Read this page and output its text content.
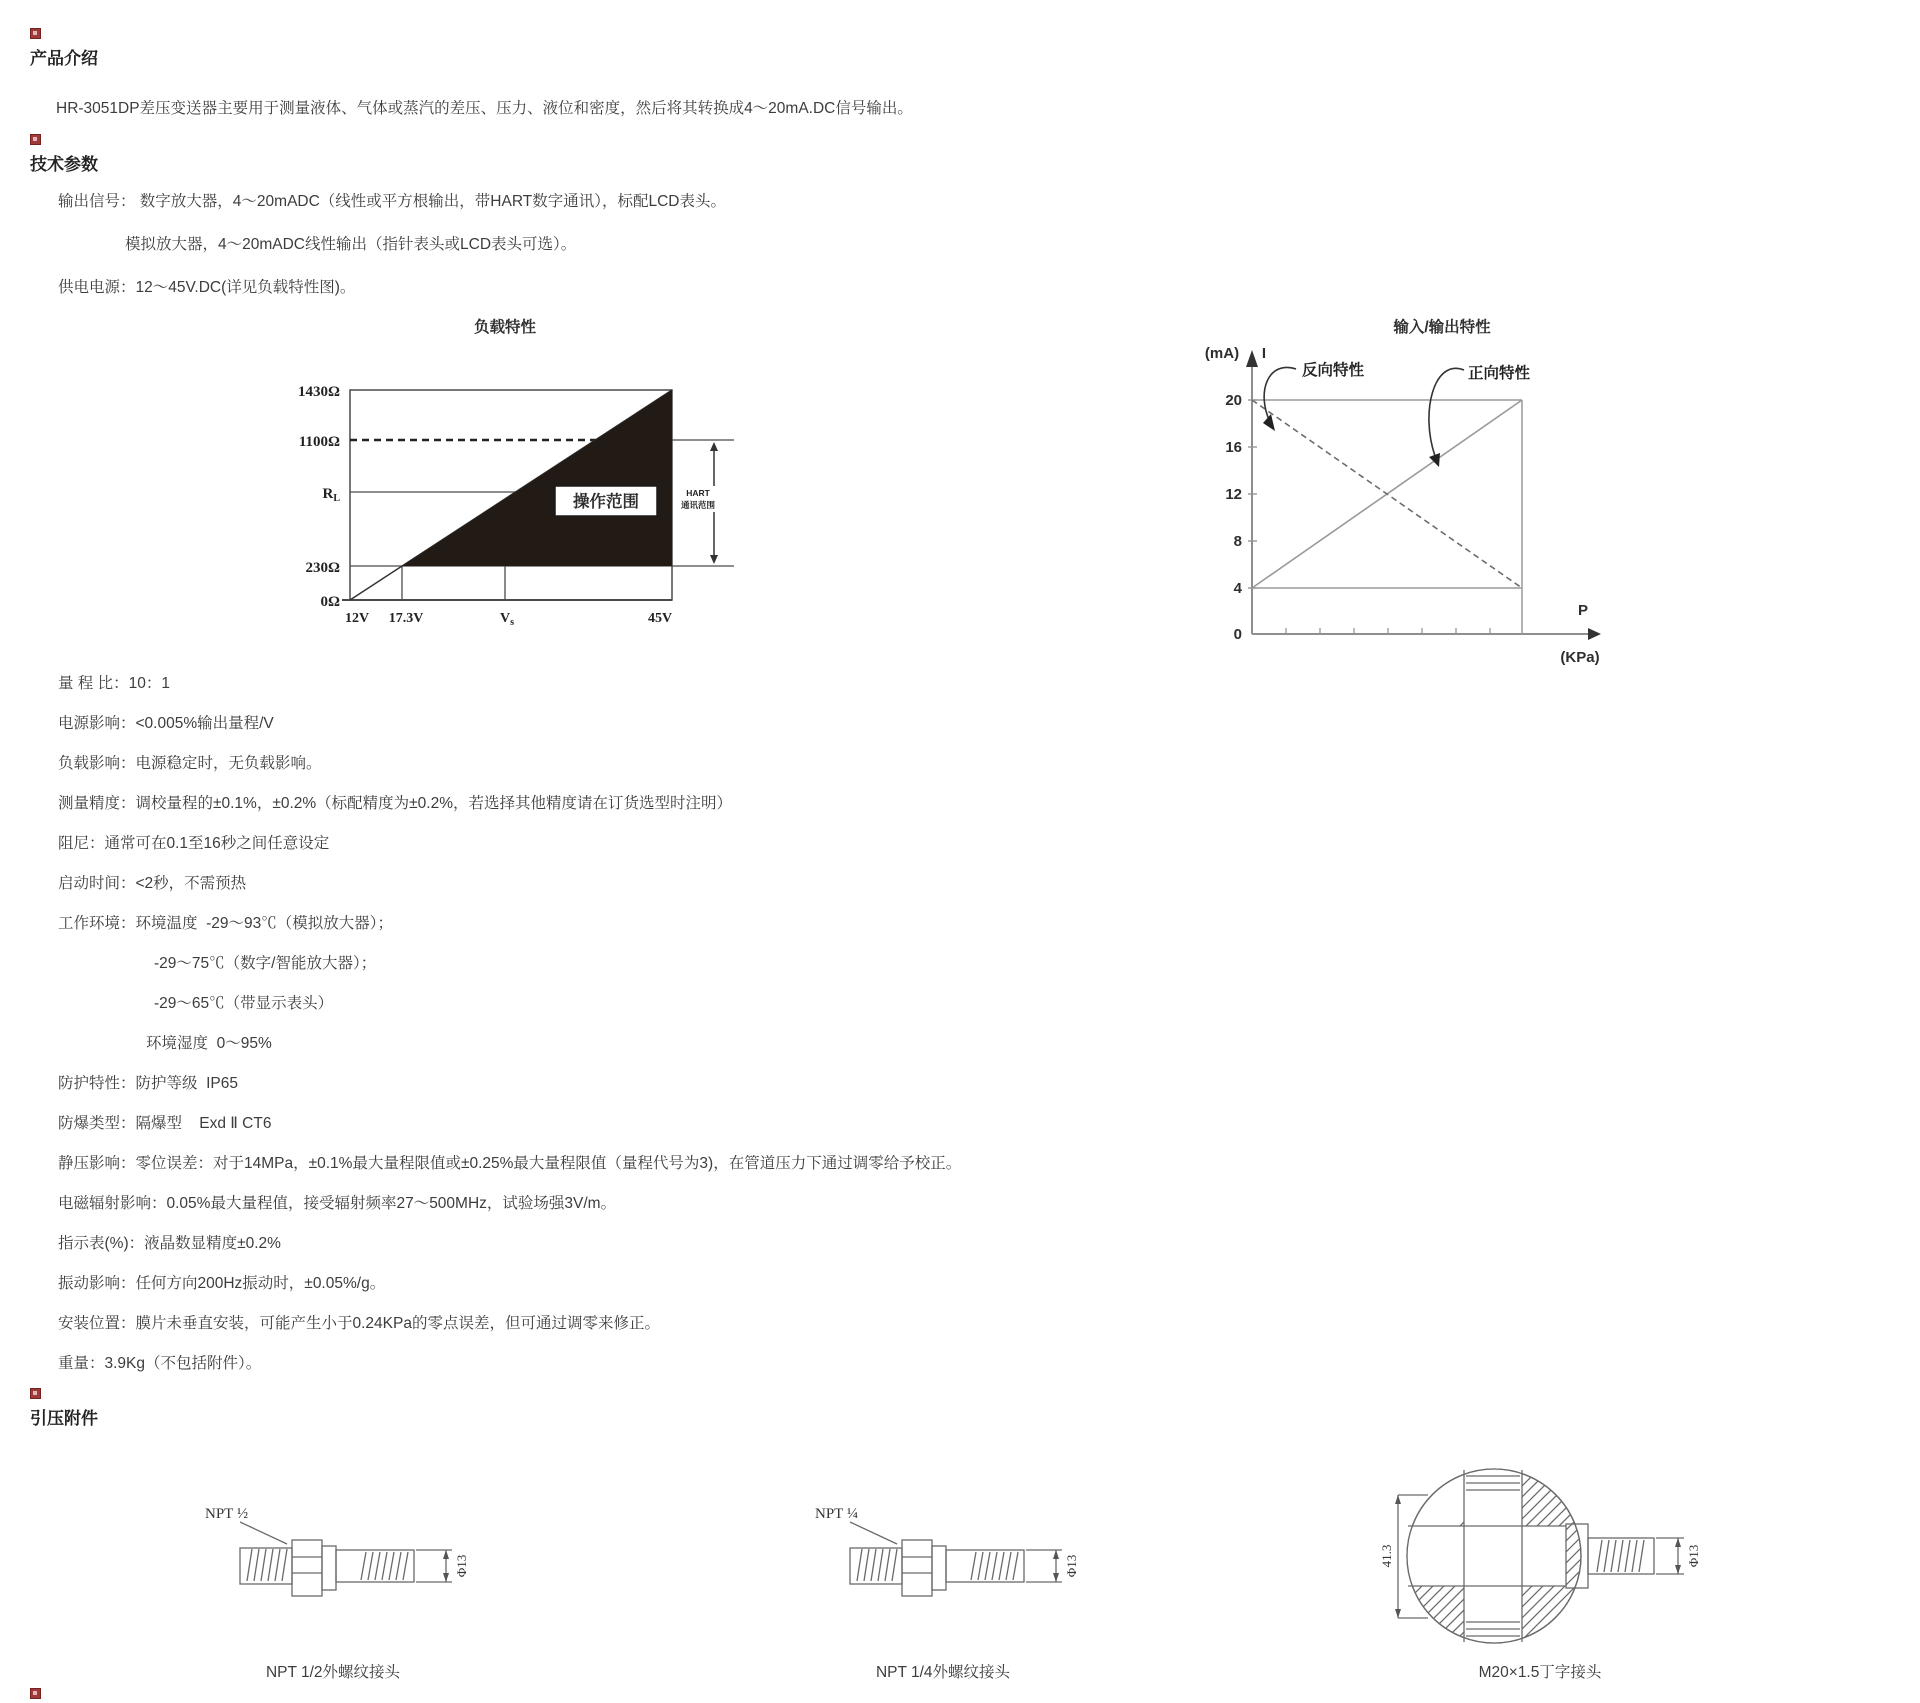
产品介绍
HR-3051DP差压变送器主要用于测量液体、气体或蒸汽的差压、压力、液位和密度，然后将其转换成4～20mA.DC信号输出。
技术参数
输出信号： 数字放大器，4～20mADC（线性或平方根输出，带HART数字通讯），标配LCD表头。
模拟放大器，4～20mADC线性输出（指针表头或LCD表头可选）。
供电电源：12～45V.DC(详见负载特性图)。
负载特性
操作范围	HART
通讯范围
1430Ω
1100Ω
$R_L$
230Ω
0Ω
12V 17.3V	$V_s$	45V
输入/输出特性
(mA) I
20
16
12
8
4
0
反向特性	正向特性
P
(KPa)
量 程 比：10：1
电源影响：<0.005%输出量程/V
负载影响：电源稳定时，无负载影响。
测量精度：调校量程的±0.1%，±0.2%（标配精度为±0.2%，若选择其他精度请在订货选型时注明）
阻尼：通常可在0.1至16秒之间任意设定
启动时间：<2秒，不需预热
工作环境：环境温度  -29～93℃（模拟放大器）；
-29～75℃（数字/智能放大器）；
-29～65℃（带显示表头）
环境湿度  0～95%
防护特性：防护等级  IP65
防爆类型：隔爆型    Exd Ⅱ CT6
静压影响：零位误差：对于14MPa，±0.1%最大量程限值或±0.25%最大量程限值（量程代号为3)，在管道压力下通过调零给予校正。
电磁辐射影响：0.05%最大量程值，接受辐射频率27～500MHz，试验场强3V/m。
指示表(%)：液晶数显精度±0.2%
振动影响：任何方向200Hz振动时，±0.05%/g。
安装位置：膜片未垂直安装，可能产生小于0.24KPa的零点误差，但可通过调零来修正。
重量：3.9Kg（不包括附件）。
引压附件
NPT ½
Φ13
NPT 1/2外螺纹接头
NPT ¼
Φ13
NPT 1/4外螺纹接头
41.3	Φ13
M20×1.5丁字接头
